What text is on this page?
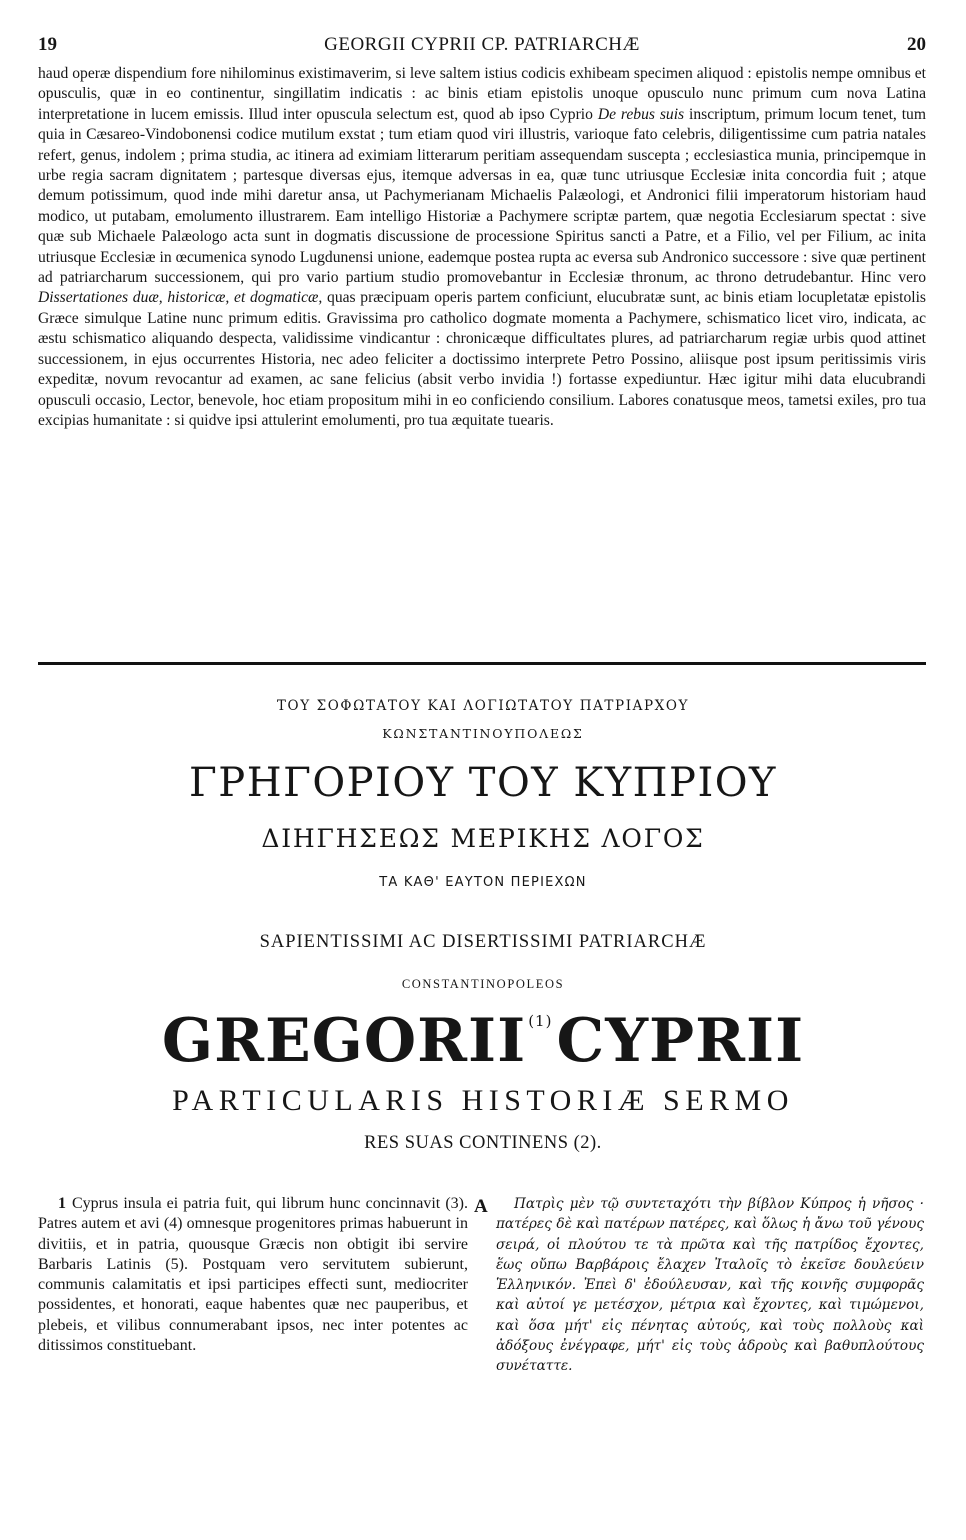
19	GEORGII CYPRII CP. PATRIARCHÆ	20

haud operæ dispendium fore nihilominus existimaverim, si leve saltem istius codicis exhibeam specimen aliquod : epistolis nempe omnibus et opusculis, quæ in eo continentur, singillatim indicatis : ac binis etiam epistolis unoque opusculo nunc primum cum nova Latina interpretatione in lucem emissis. Illud inter opuscula selectum est, quod ab ipso Cyprio De rebus suis inscriptum, primum locum tenet, tum quia in Cæsareo-Vindobonensi codice mutilum exstat ; tum etiam quod viri illustris, varioque fato celebris, diligentissime cum patria natales refert, genus, indolem ; prima studia, ac itinera ad eximiam litterarum peritiam assequendam suscepta ; ecclesiastica munia, principemque in urbe regia sacram dignitatem ; partesque diversas ejus, itemque adversas in ea, quæ tunc utriusque Ecclesiæ inita concordia fuit ; atque demum potissimum, quod inde mihi daretur ansa, ut Pachymerianam Michaelis Palæologi, et Andronici filii imperatorum historiam haud modico, ut putabam, emolumento illustrarem. Eam intelligo Historiæ a Pachymere scriptæ partem, quæ negotia Ecclesiarum spectat : sive quæ sub Michaele Palæologo acta sunt in dogmatis discussione de processione Spiritus sancti a Patre, et a Filio, vel per Filium, ac inita utriusque Ecclesiæ in œcumenica synodo Lugdunensi unione, eademque postea rupta ac eversa sub Andronico successore : sive quæ pertinent ad patriarcharum successionem, qui pro vario partium studio promovebantur in Ecclesiæ thronum, ac throno detrudebantur. Hinc vero Dissertationes duæ, historicæ, et dogmaticæ, quas præcipuam operis partem conficiunt, elucubratæ sunt, ac binis etiam locupletatæ epistolis Græce simulque Latine nunc primum editis. Gravissima pro catholico dogmate momenta a Pachymere, schismatico licet viro, indicata, ac æstu schismatico aliquando despecta, validissime vindicantur : chronicæque difficultates plures, ad patriarcharum regiæ urbis quod attinet successionem, in ejus occurrentes Historia, nec adeo feliciter a doctissimo interprete Petro Possino, aliisque post ipsum peritissimis viris expeditæ, novum revocantur ad examen, ac sane felicius (absit verbo invidia !) fortasse expediuntur. Hæc igitur mihi data elucubrandi opusculi occasio, Lector, benevole, hoc etiam propositum mihi in eo conficiendo consilium. Labores conatusque meos, tametsi exiles, pro tua excipias humanitate : si quidve ipsi attulerint emolumenti, pro tua æquitate tuearis.

ΤΟΥ ΣΟΦΩΤΑΤΟΥ ΚΑΙ ΛΟΓΙΩΤΑΤΟΥ ΠΑΤΡΙΑΡΧΟΥ
ΚΩΝΣΤΑΝΤΙΝΟΥΠΟΛΕΩΣ
ΓΡΗΓΟΡΙΟΥ ΤΟΥ ΚΥΠΡΙΟΥ
ΔΙΗΓΗΣΕΩΣ ΜΕΡΙΚΗΣ ΛΟΓΟΣ
ΤΑ ΚΑΘ' ΕΑΥΤΟΝ ΠΕΡΙΕΧΩΝ
SAPIENTISSIMI AC DISERTISSIMI PATRIARCHÆ
CONSTANTINOPOLEOS
GREGORII $^{(1)}$CYPRII
PARTICULARIS HISTORIÆ SERMO
RES SUAS CONTINENS (2).

1 Cyprus insula ei patria fuit, qui librum hunc concinnavit (3). Patres autem et avi (4) omnesque progenitores primas habuerunt in divitiis, et in patria, quousque Græcis non obtigit ibi servire Barbaris Latinis (5). Postquam vero servitutem subierunt, communis calamitatis et ipsi participes effecti sunt, mediocriter possidentes, et honorati, eaque habentes quæ nec pauperibus, et plebeis, et vilibus connumerabant ipsos, nec inter potentes ac ditissimos constituebant.

A	Πατρὶς μὲν τῷ συντεταχότι τὴν βίβλον Κύπρος ἡ νῆσος · πατέρες δὲ καὶ πατέρων πατέρες, καὶ ὅλως ἡ ἄνω τοῦ γένους σειρά, οἱ πλούτου τε τὰ πρῶτα καὶ τῆς πατρίδος ἔχοντες, ἕως οὔπω Βαρβάροις ἔλαχεν Ἰταλοῖς τὸ ἐκεῖσε δουλεύειν Ἑλληνικόν. Ἐπεὶ δ' ἐδούλευσαν, καὶ τῆς κοινῆς συμφορᾶς καὶ αὐτοί γε μετέσχον, μέτρια καὶ ἔχοντες, καὶ τιμώμενοι, καὶ ὅσα μήτ' εἰς πένητας αὐτούς, καὶ τοὺς πολλοὺς καὶ ἀδόξους ἐνέγραφε, μήτ' εἰς τοὺς ἁδροὺς καὶ βαθυπλούτους συνέταττε.
